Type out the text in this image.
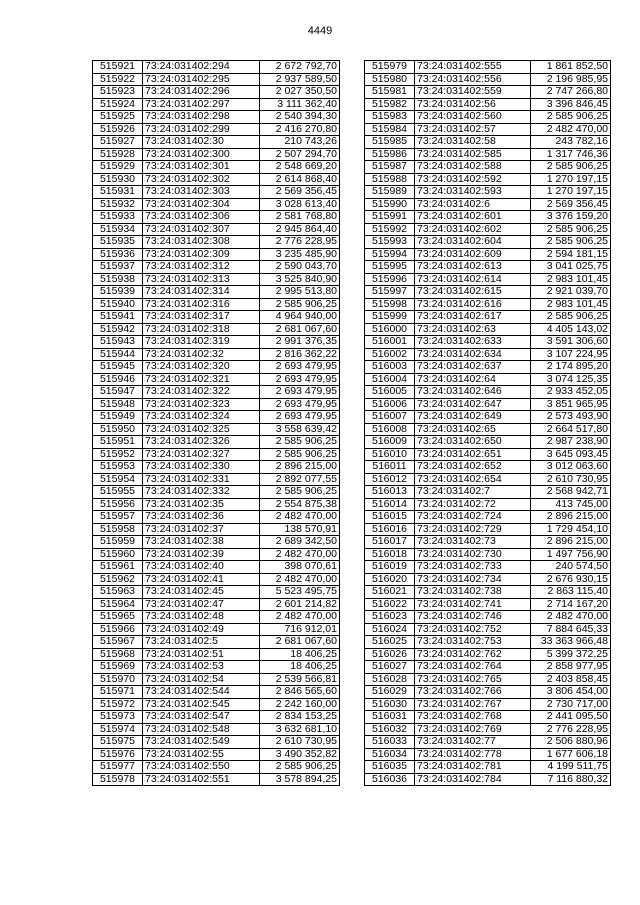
4449
515921	73:24:031402:294	2 672 792,70
515922	73:24:031402:295	2 937 589,50
515923	73:24:031402:296	2 027 350,50
515924	73:24:031402:297	3 111 362,40
515925	73:24:031402:298	2 540 394,30
515926	73:24:031402:299	2 416 270,80
515927	73:24:031402:30	210 743,26
515928	73:24:031402:300	2 507 294,70
515929	73:24:031402:301	2 548 669,20
515930	73:24:031402:302	2 614 868,40
515931	73:24:031402:303	2 569 356,45
515932	73:24:031402:304	3 028 613,40
515933	73:24:031402:306	2 581 768,80
515934	73:24:031402:307	2 945 864,40
515935	73:24:031402:308	2 776 228,95
515936	73:24:031402:309	3 235 485,90
515937	73:24:031402:312	2 590 043,70
515938	73:24:031402:313	3 525 840,90
515939	73:24:031402:314	2 995 513,80
515940	73:24:031402:316	2 585 906,25
515941	73:24:031402:317	4 964 940,00
515942	73:24:031402:318	2 681 067,60
515943	73:24:031402:319	2 991 376,35
515944	73:24:031402:32	2 816 362,22
515945	73:24:031402:320	2 693 479,95
515946	73:24:031402:321	2 693 479,95
515947	73:24:031402:322	2 693 479,95
515948	73:24:031402:323	2 693 479,95
515949	73:24:031402:324	2 693 479,95
515950	73:24:031402:325	3 558 639,42
515951	73:24:031402:326	2 585 906,25
515952	73:24:031402:327	2 585 906,25
515953	73:24:031402:330	2 896 215,00
515954	73:24:031402:331	2 892 077,55
515955	73:24:031402:332	2 585 906,25
515956	73:24:031402:35	2 554 875,38
515957	73:24:031402:36	2 482 470,00
515958	73:24:031402:37	138 570,91
515959	73:24:031402:38	2 689 342,50
515960	73:24:031402:39	2 482 470,00
515961	73:24:031402:40	398 070,61
515962	73:24:031402:41	2 482 470,00
515963	73:24:031402:45	5 523 495,75
515964	73:24:031402:47	2 601 214,82
515965	73:24:031402:48	2 482 470,00
515966	73:24:031402:49	716 912,01
515967	73:24:031402:5	2 681 067,60
515968	73:24:031402:51	18 406,25
515969	73:24:031402:53	18 406,25
515970	73:24:031402:54	2 539 566,81
515971	73:24:031402:544	2 846 565,60
515972	73:24:031402:545	2 242 160,00
515973	73:24:031402:547	2 834 153,25
515974	73:24:031402:548	3 632 681,10
515975	73:24:031402:549	2 610 730,95
515976	73:24:031402:55	3 490 352,82
515977	73:24:031402:550	2 585 906,25
515978	73:24:031402:551	3 578 894,25
515979	73:24:031402:555	1 861 852,50
515980	73:24:031402:556	2 196 985,95
515981	73:24:031402:559	2 747 266,80
515982	73:24:031402:56	3 396 846,45
515983	73:24:031402:560	2 585 906,25
515984	73:24:031402:57	2 482 470,00
515985	73:24:031402:58	243 782,16
515986	73:24:031402:585	1 317 746,36
515987	73:24:031402:588	2 585 906,25
515988	73:24:031402:592	1 270 197,15
515989	73:24:031402:593	1 270 197,15
515990	73:24:031402:6	2 569 356,45
515991	73:24:031402:601	3 376 159,20
515992	73:24:031402:602	2 585 906,25
515993	73:24:031402:604	2 585 906,25
515994	73:24:031402:609	2 594 181,15
515995	73:24:031402:613	3 041 025,75
515996	73:24:031402:614	2 983 101,45
515997	73:24:031402:615	2 921 039,70
515998	73:24:031402:616	2 983 101,45
515999	73:24:031402:617	2 585 906,25
516000	73:24:031402:63	4 405 143,02
516001	73:24:031402:633	3 591 306,60
516002	73:24:031402:634	3 107 224,95
516003	73:24:031402:637	2 174 895,20
516004	73:24:031402:64	3 074 125,35
516005	73:24:031402:646	2 933 452,05
516006	73:24:031402:647	3 851 965,95
516007	73:24:031402:649	2 573 493,90
516008	73:24:031402:65	2 664 517,80
516009	73:24:031402:650	2 987 238,90
516010	73:24:031402:651	3 645 093,45
516011	73:24:031402:652	3 012 063,60
516012	73:24:031402:654	2 610 730,95
516013	73:24:031402:7	2 568 942,71
516014	73:24:031402:72	413 745,00
516015	73:24:031402:724	2 896 215,00
516016	73:24:031402:729	1 729 454,10
516017	73:24:031402:73	2 896 215,00
516018	73:24:031402:730	1 497 756,90
516019	73:24:031402:733	240 574,50
516020	73:24:031402:734	2 676 930,15
516021	73:24:031402:738	2 863 115,40
516022	73:24:031402:741	2 714 167,20
516023	73:24:031402:746	2 482 470,00
516024	73:24:031402:752	7 884 645,33
516025	73:24:031402:753	33 363 966,48
516026	73:24:031402:762	5 399 372,25
516027	73:24:031402:764	2 858 977,95
516028	73:24:031402:765	2 403 858,45
516029	73:24:031402:766	3 806 454,00
516030	73:24:031402:767	2 730 717,00
516031	73:24:031402:768	2 441 095,50
516032	73:24:031402:769	2 776 228,95
516033	73:24:031402:77	2 506 880,96
516034	73:24:031402:778	1 677 606,18
516035	73:24:031402:781	4 199 511,75
516036	73:24:031402:784	7 116 880,32
